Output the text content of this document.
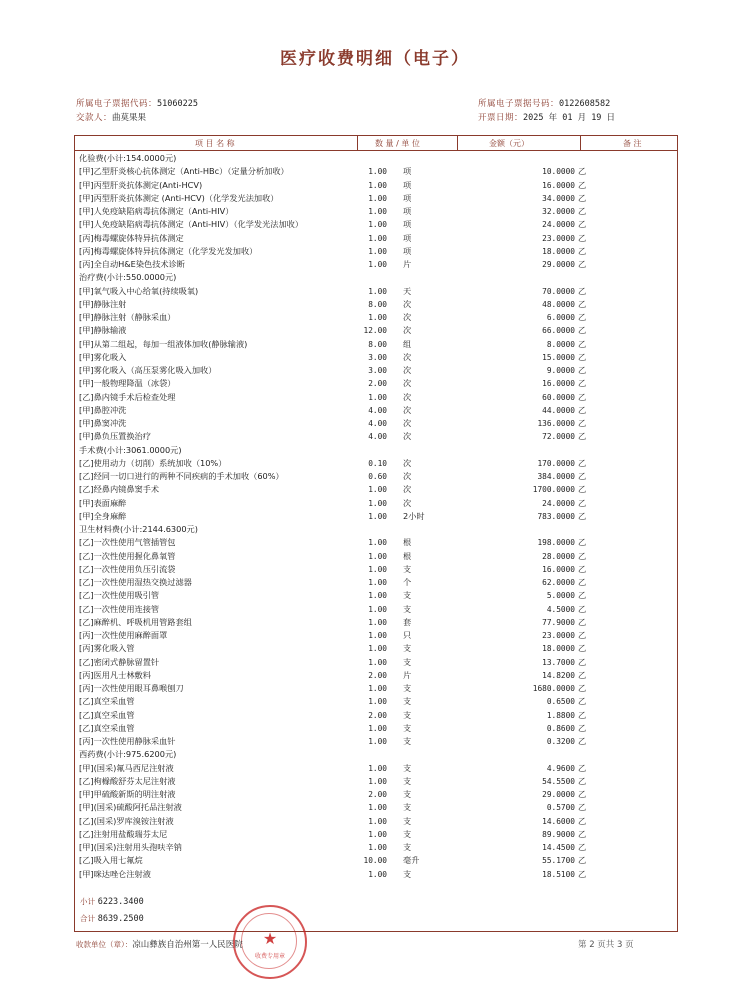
医疗收费明细（电子）
所属电子票据代码：51060225
交款人：曲莫果果
所属电子票据号码：0122608582
开票日期：2025 年 01 月 19 日
项 目 名 称	数 量 / 单 位	金额（元）	备 注
化验费(小计:154.0000元)
[甲]乙型肝炎核心抗体测定（Anti-HBc）（定量分析加收）	1.00 项	10.0000 乙
[甲]丙型肝炎抗体测定(Anti-HCV)	1.00 项	16.0000 乙
[甲]丙型肝炎抗体测定 (Anti-HCV)（化学发光法加收）	1.00 项	34.0000 乙
[甲]人免疫缺陷病毒抗体测定（Anti-HIV）	1.00 项	32.0000 乙
[甲]人免疫缺陷病毒抗体测定（Anti-HIV）（化学发光法加收）	1.00 项	24.0000 乙
[丙]梅毒螺旋体特异抗体测定	1.00 项	23.0000 乙
[丙]梅毒螺旋体特异抗体测定（化学发光发加收）	1.00 项	18.0000 乙
[丙]全自动H&E染色技术诊断	1.00 片	29.0000 乙
治疗费(小计:550.0000元)
[甲]氧气吸入中心给氧(持续吸氧)	1.00 天	70.0000 乙
[甲]静脉注射	8.00 次	48.0000 乙
[甲]静脉注射（静脉采血）	1.00 次	6.0000 乙
[甲]静脉输液	12.00 次	66.0000 乙
[甲]从第二组起，每加一组液体加收(静脉输液)	8.00 组	8.0000 乙
[甲]雾化吸入	3.00 次	15.0000 乙
[甲]雾化吸入（高压泵雾化吸入加收）	3.00 次	9.0000 乙
[甲]一般物理降温（冰袋）	2.00 次	16.0000 乙
[乙]鼻内镜手术后检查处理	1.00 次	60.0000 乙
[甲]鼻腔冲洗	4.00 次	44.0000 乙
[甲]鼻窦冲洗	4.00 次	136.0000 乙
[甲]鼻负压置换治疗	4.00 次	72.0000 乙
手术费(小计:3061.0000元)
[乙]使用动力（切削）系统加收（10%）	0.10 次	170.0000 乙
[乙]经同一切口进行的两种不同疾病的手术加收（60%）	0.60 次	384.0000 乙
[乙]经鼻内镜鼻窦手术	1.00 次	1700.0000 乙
[甲]表面麻醉	1.00 次	24.0000 乙
[甲]全身麻醉	1.00 2小时	783.0000 乙
卫生材料费(小计:2144.6300元)
[乙]一次性使用气管插管包	1.00 根	198.0000 乙
[乙]一次性使用握化鼻氧管	1.00 根	28.0000 乙
[乙]一次性使用负压引流袋	1.00 支	16.0000 乙
[乙]一次性使用湿热交换过滤器	1.00 个	62.0000 乙
[乙]一次性使用吸引管	1.00 支	5.0000 乙
[乙]一次性使用连接管	1.00 支	4.5000 乙
[乙]麻醉机、呼吸机用管路套组	1.00 套	77.9000 乙
[丙]一次性使用麻醉面罩	1.00 只	23.0000 乙
[丙]雾化吸入管	1.00 支	18.0000 乙
[乙]密闭式静脉留置针	1.00 支	13.7000 乙
[丙]医用凡士林敷料	2.00 片	14.8200 乙
[丙]一次性使用眼耳鼻喉刨刀	1.00 支	1680.0000 乙
[乙]真空采血管	1.00 支	0.6500 乙
[乙]真空采血管	2.00 支	1.8800 乙
[乙]真空采血管	1.00 支	0.8600 乙
[丙]一次性使用静脉采血针	1.00 支	0.3200 乙
西药费(小计:975.6200元)
[甲](国采)氟马西尼注射液	1.00 支	4.9600 乙
[乙]枸橼酸舒芬太尼注射液	1.00 支	54.5500 乙
[甲]甲硫酸新斯的明注射液	2.00 支	29.0000 乙
[甲](国采)硫酸阿托品注射液	1.00 支	0.5700 乙
[乙](国采)罗库溴铵注射液	1.00 支	14.6000 乙
[乙]注射用盐酸瑞芬太尼	1.00 支	89.9000 乙
[甲](国采)注射用头孢呋辛钠	1.00 支	14.4500 乙
[乙]吸入用七氟烷	10.00 毫升	55.1700 乙
[甲]咪达唑仑注射液	1.00 支	18.5100 乙
小计 6223.3400
合计 8639.2500
★
收费专用章
收款单位（章）：凉山彝族自治州第一人民医院	第 2 页共 3 页
